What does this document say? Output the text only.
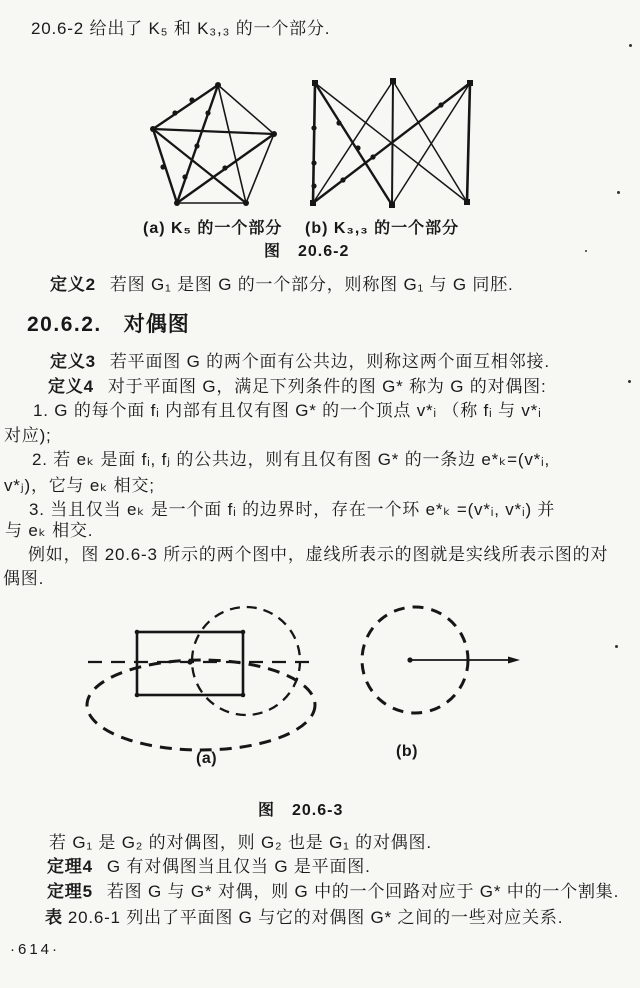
20.6-2 给出了 K₅ 和 K₃,₃ 的一个部分.
(a) K₅ 的一个部分 (b) K₃,₃ 的一个部分
图　20.6-2
定义2 若图 G₁ 是图 G 的一个部分，则称图 G₁ 与 G 同胚.
20.6.2. 对偶图
定义3 若平面图 G 的两个面有公共边，则称这两个面互相邻接.
定义4 对于平面图 G，满足下列条件的图 G* 称为 G 的对偶图:
1. G 的每个面 fᵢ 内部有且仅有图 G* 的一个顶点 v*ᵢ （称 fᵢ 与 v*ᵢ
对应);
2. 若 eₖ 是面 fᵢ, fⱼ 的公共边，则有且仅有图 G* 的一条边 e*ₖ=(v*ᵢ,
v*ⱼ)，它与 eₖ 相交;
3. 当且仅当 eₖ 是一个面 fᵢ 的边界时，存在一个环 e*ₖ =(v*ᵢ, v*ᵢ) 并
与 eₖ 相交.
例如，图 20.6-3 所示的两个图中，虚线所表示的图就是实线所表示图的对
偶图.
(a)	(b)
图　20.6-3
若 G₁ 是 G₂ 的对偶图，则 G₂ 也是 G₁ 的对偶图.
定理4 G 有对偶图当且仅当 G 是平面图.
定理5 若图 G 与 G* 对偶，则 G 中的一个回路对应于 G* 中的一个割集.
表 20.6-1 列出了平面图 G 与它的对偶图 G* 之间的一些对应关系.
·614·
